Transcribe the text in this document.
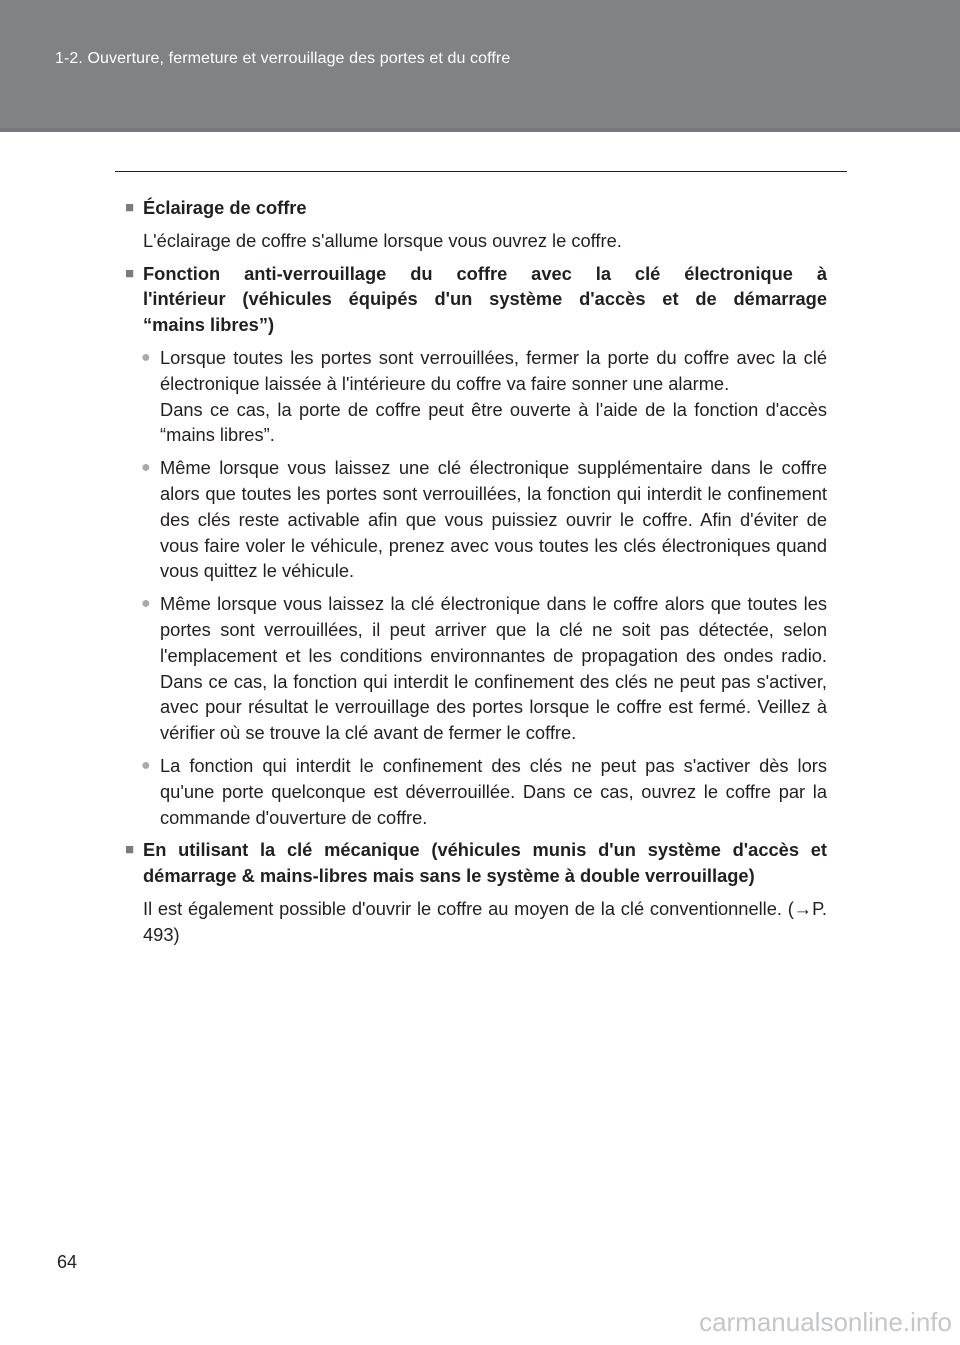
1-2. Ouverture, fermeture et verrouillage des portes et du coffre
■ Éclairage de coffre
L'éclairage de coffre s'allume lorsque vous ouvrez le coffre.
■ Fonction anti-verrouillage du coffre avec la clé électronique à
l'intérieur (véhicules équipés d'un système d'accès et de démarrage
“mains libres”)
● Lorsque toutes les portes sont verrouillées, fermer la porte du coffre avec la clé électronique laissée à l'intérieure du coffre va faire sonner une alarme.
Dans ce cas, la porte de coffre peut être ouverte à l'aide de la fonction d'accès “mains libres”.
● Même lorsque vous laissez une clé électronique supplémentaire dans le coffre alors que toutes les portes sont verrouillées, la fonction qui interdit le confinement des clés reste activable afin que vous puissiez ouvrir le coffre. Afin d'éviter de vous faire voler le véhicule, prenez avec vous toutes les clés électroniques quand vous quittez le véhicule.
● Même lorsque vous laissez la clé électronique dans le coffre alors que toutes les portes sont verrouillées, il peut arriver que la clé ne soit pas détectée, selon l'emplacement et les conditions environnantes de propagation des ondes radio. Dans ce cas, la fonction qui interdit le confinement des clés ne peut pas s'activer, avec pour résultat le verrouillage des portes lorsque le coffre est fermé. Veillez à vérifier où se trouve la clé avant de fermer le coffre.
● La fonction qui interdit le confinement des clés ne peut pas s'activer dès lors qu'une porte quelconque est déverrouillée. Dans ce cas, ouvrez le coffre par la commande d'ouverture de coffre.
■ En utilisant la clé mécanique (véhicules munis d'un système d'accès et
démarrage & mains-libres mais sans le système à double verrouillage)
Il est également possible d'ouvrir le coffre au moyen de la clé conventionnelle. (→P. 493)
64
carmanualsonline.info
